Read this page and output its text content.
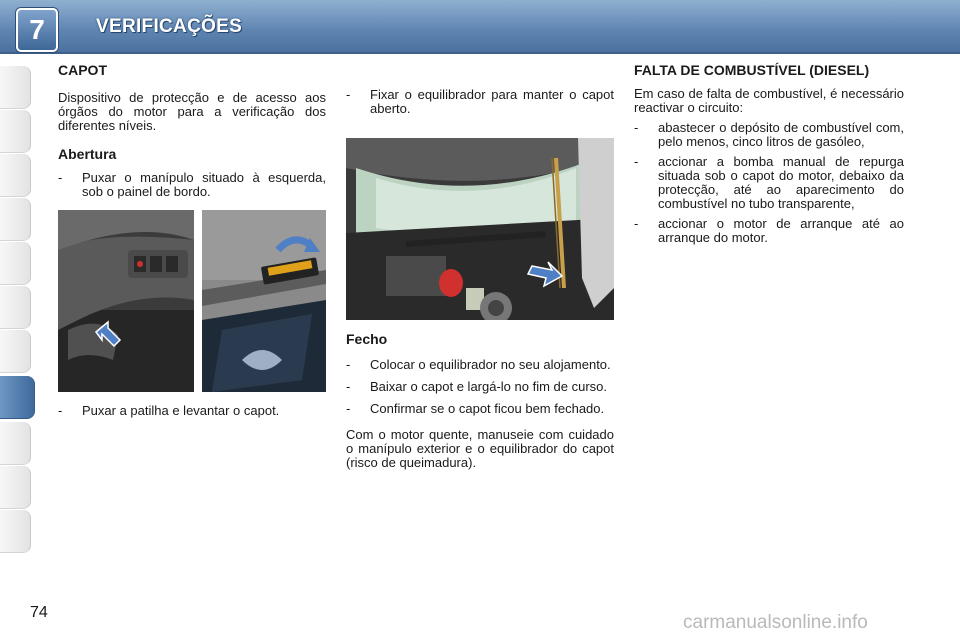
7	VERIFICAÇÕES
CAPOT

Dispositivo de protecção e de acesso aos órgãos do motor para a verificação dos diferentes níveis.

Abertura
-	Puxar o manípulo situado à esquerda, sob o painel de bordo.
-	Puxar a patilha e levantar o capot.
-	Fixar o equilibrador para manter o capot aberto.
Fecho
-	Colocar o equilibrador no seu alojamento.
-	Baixar o capot e largá-lo no fim de curso.
-	Confirmar se o capot ficou bem fechado.

Com o motor quente, manuseie com cuidado o manípulo exterior e o equilibrador do capot (risco de queimadura).

FALTA DE COMBUSTÍVEL (DIESEL)

Em caso de falta de combustível, é necessário reactivar o circuito:

-	abastecer o depósito de combustível com, pelo menos, cinco litros de gasóleo,
-	accionar a bomba manual de repurga situada sob o capot do motor, debaixo da protecção, até ao aparecimento do combustível no tubo transparente,
-	accionar o motor de arranque até ao arranque do motor.
74	carmanualsonline.info
